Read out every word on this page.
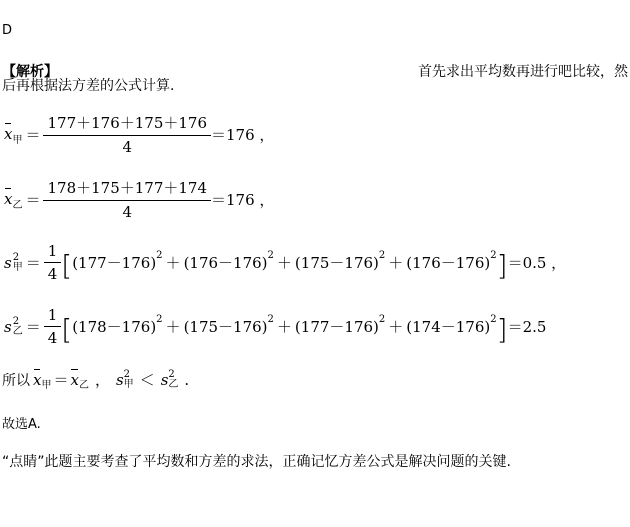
D
【解析】	首先求出平均数再进行吧比较，然
后再根据法方差的公式计算.
x 甲 ＝ $\frac{177+176+175+176}{4} =176$ ，
x 乙 ＝ $\frac{178+175+177+174}{4} =176$ ，
s 2
甲 ＝ $\frac{1}{4}$ [ (177－176) 2 ＋ (176－176) 2 ＋ (175－176) 2 ＋ (176－176) 2 ] ＝0.5 ，
s 2
乙 ＝ $\frac{1}{4}$ [ (178－176) 2 ＋ (175－176) 2 ＋ (177－176) 2 ＋ (174－176) 2 ] ＝2.5
所以 x 甲 ＝ x 乙 ， s 2
甲 ＜ s 2
乙 .
故选A.
“点睛”此题主要考查了平均数和方差的求法，正确记忆方差公式是解决问题的关键.
